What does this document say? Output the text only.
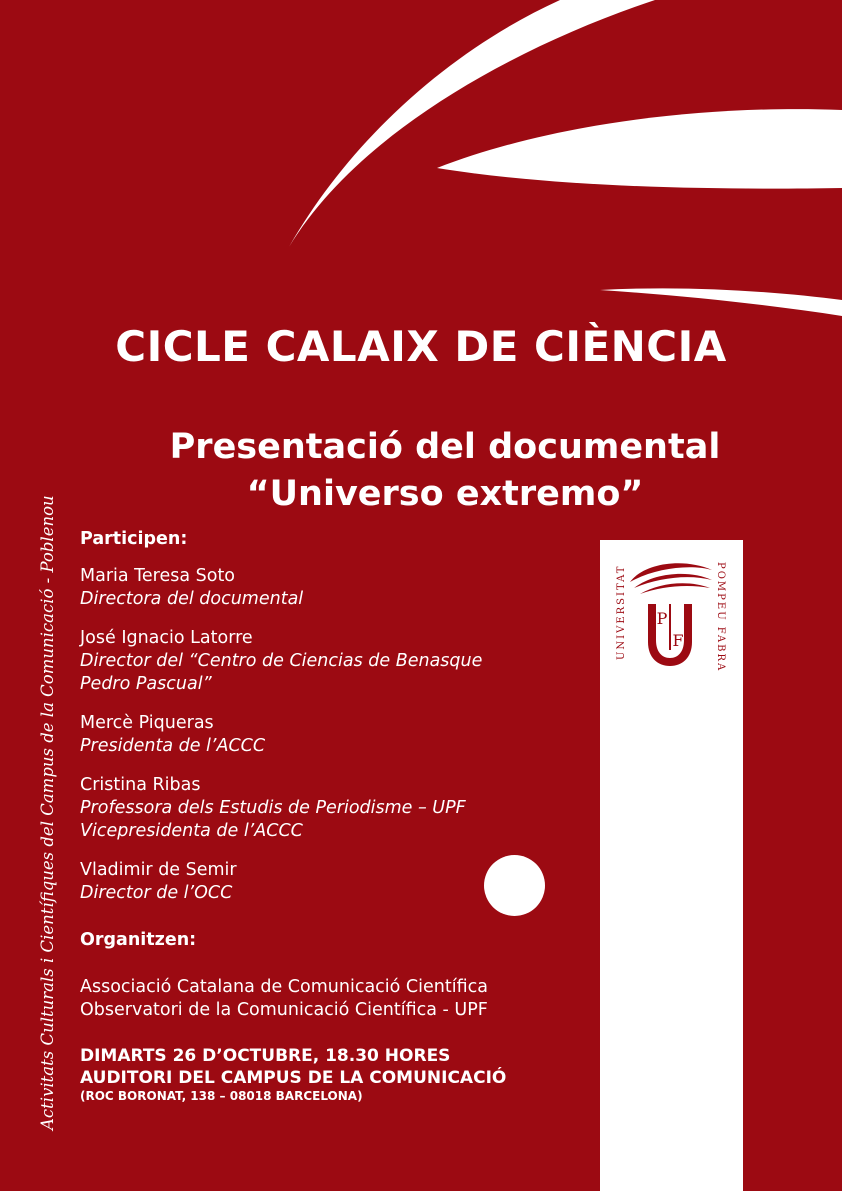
Activitats Culturals i Científiques del Campus de la Comunicació - Poblenou
CICLE CALAIX DE CIÈNCIA
Presentació del documental
“Universo extremo”
P
F
UNIVERSITAT	POMPEU FABRA

Participen:

Maria Teresa Soto
Directora del documental
José Ignacio Latorre
Director del “Centro de Ciencias de Benasque
Pedro Pascual”
Mercè Piqueras
Presidenta de l’ACCC
Cristina Ribas
Professora dels Estudis de Periodisme – UPF
Vicepresidenta de l’ACCC
Vladimir de Semir
Director de l’OCC

Organitzen:

Associació Catalana de Comunicació Científica
Observatori de la Comunicació Científica - UPF
DIMARTS 26 D’OCTUBRE, 18.30 HORES
AUDITORI DEL CAMPUS DE LA COMUNICACIÓ
(ROC BORONAT, 138 – 08018 BARCELONA)
